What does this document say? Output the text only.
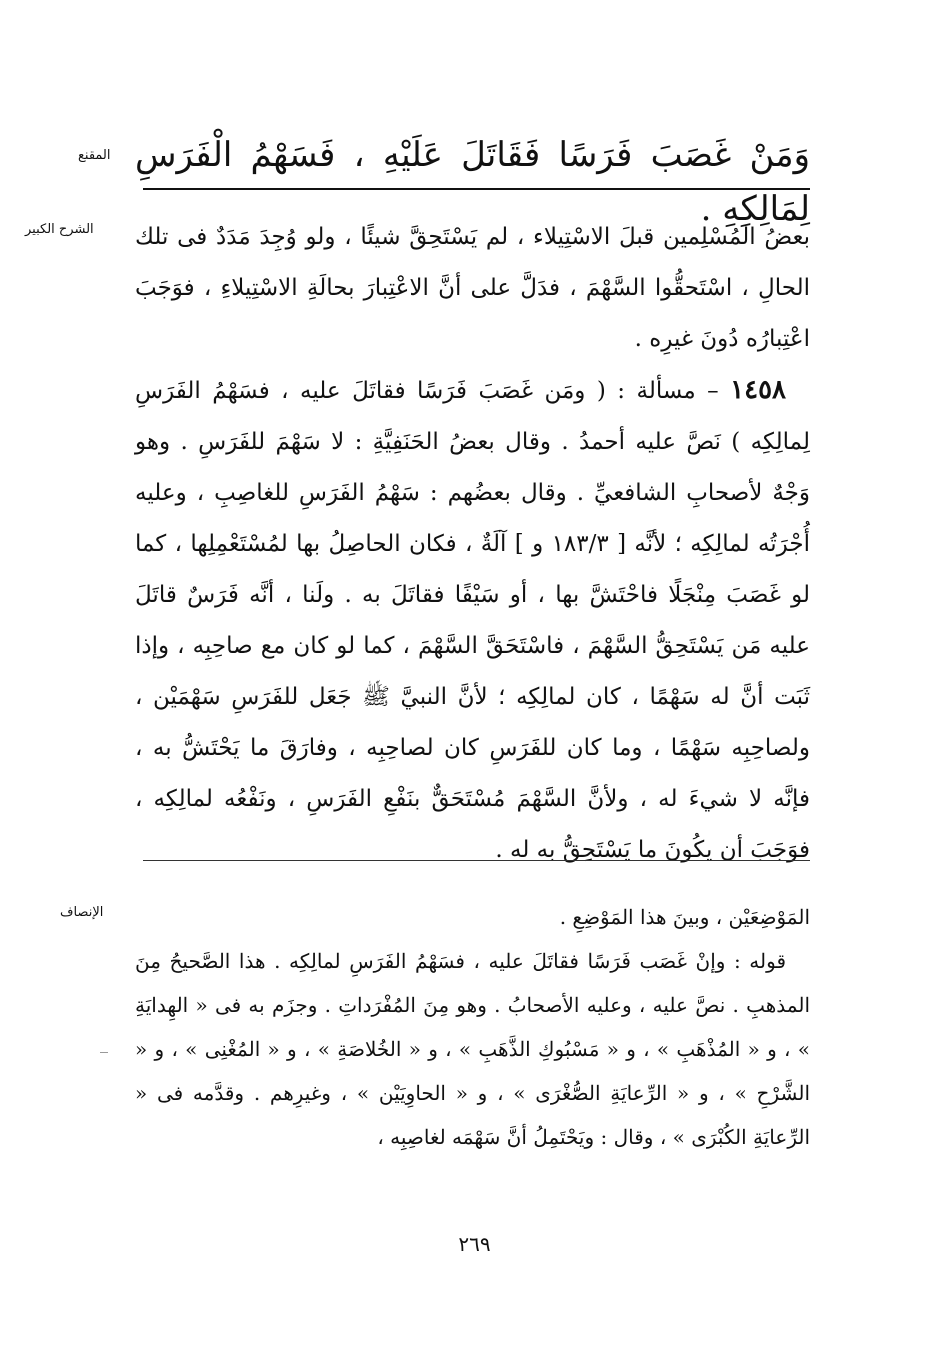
المقنع وَمَنْ غَصَبَ فَرَسًا فَقَاتَلَ عَلَيْهِ ، فَسَهْمُ الْفَرَسِ لِمَالِكِهِ .
الشرح الكبير بعضُ المُسْلِمين قبلَ الاسْتِيلاء ، لم يَسْتَحِقَّ شيئًا ، ولو وُجِدَ مَدَدٌ فى تلك الحالِ ، اسْتَحقُّوا السَّهْمَ ، فدَلَّ على أنَّ الاعْتِبارَ بحالَةِ الاسْتِيلاءِ ، فوَجَبَ اعْتِبارُه دُونَ غيرِه .

١٤٥٨ – مسألة : ( ومَن غَصَبَ فَرَسًا فقاتَلَ عليه ، فسَهْمُ الفَرَسِ لِمالِكِه ) نَصَّ عليه أحمدُ . وقال بعضُ الحَنَفِيَّةِ : لا سَهْمَ للفَرَسِ . وهو وَجْهٌ لأصحابِ الشافعيِّ . وقال بعضُهم : سَهْمُ الفَرَسِ للغاصِبِ ، وعليه أُجْرَتُه لمالِكِه ؛ لأنَّه [ ١٨٣/٣ و ] آلَةٌ ، فكان الحاصِلُ بها لمُسْتَعْمِلِها ، كما لو غَصَبَ مِنْجَلًا فاحْتَشَّ بها ، أو سَيْفًا فقاتَلَ به . ولَنا ، أنَّه فَرَسٌ قاتَلَ عليه مَن يَسْتَحِقُّ السَّهْمَ ، فاسْتَحَقَّ السَّهْمَ ، كما لو كان مع صاحِبِه ، وإذا ثَبَت أنَّ له سَهْمًا ، كان لمالِكِه ؛ لأنَّ النبيَّ ﷺ جَعَل للفَرَسِ سَهْمَيْن ، ولصاحِبِه سَهْمًا ، وما كان للفَرَسِ كان لصاحِبِه ، وفارَقَ ما يَحْتَشُّ به ، فإنَّه لا شيءَ له ، ولأنَّ السَّهْمَ مُسْتَحَقٌّ بنَفْعِ الفَرَسِ ، ونَفْعُه لمالِكِه ، فوَجَبَ أن يكُونَ ما يَسْتَحِقُّ به له .

الإنصاف	المَوْضِعَيْن ، وبينَ هذا المَوْضِعِ .

قوله : وإنْ غَصَب فَرَسًا فقاتَلَ عليه ، فسَهْمُ الفَرَسِ لمالِكِه . هذا الصَّحيحُ مِنَ المذهبِ . نصَّ عليه ، وعليه الأصحابُ . وهو مِنَ المُفْرَداتِ . وجزَم به فى « الهِدايَةِ » ، و « المُذْهَبِ » ، و « مَسْبُوكِ الذَّهَبِ » ، و « الخُلاصَةِ » ، و « المُغْنِى » ، و « الشَّرْحِ » ، و « الرِّعايَةِ الصُّغْرَى » ، و « الحاوِيَيْن » ، وغيرِهم . وقدَّمه فى « الرِّعايَةِ الكُبْرَى » ، وقال : ويَحْتَمِلُ أنَّ سَهْمَه لغاصِبِه ،

٢٦٩
